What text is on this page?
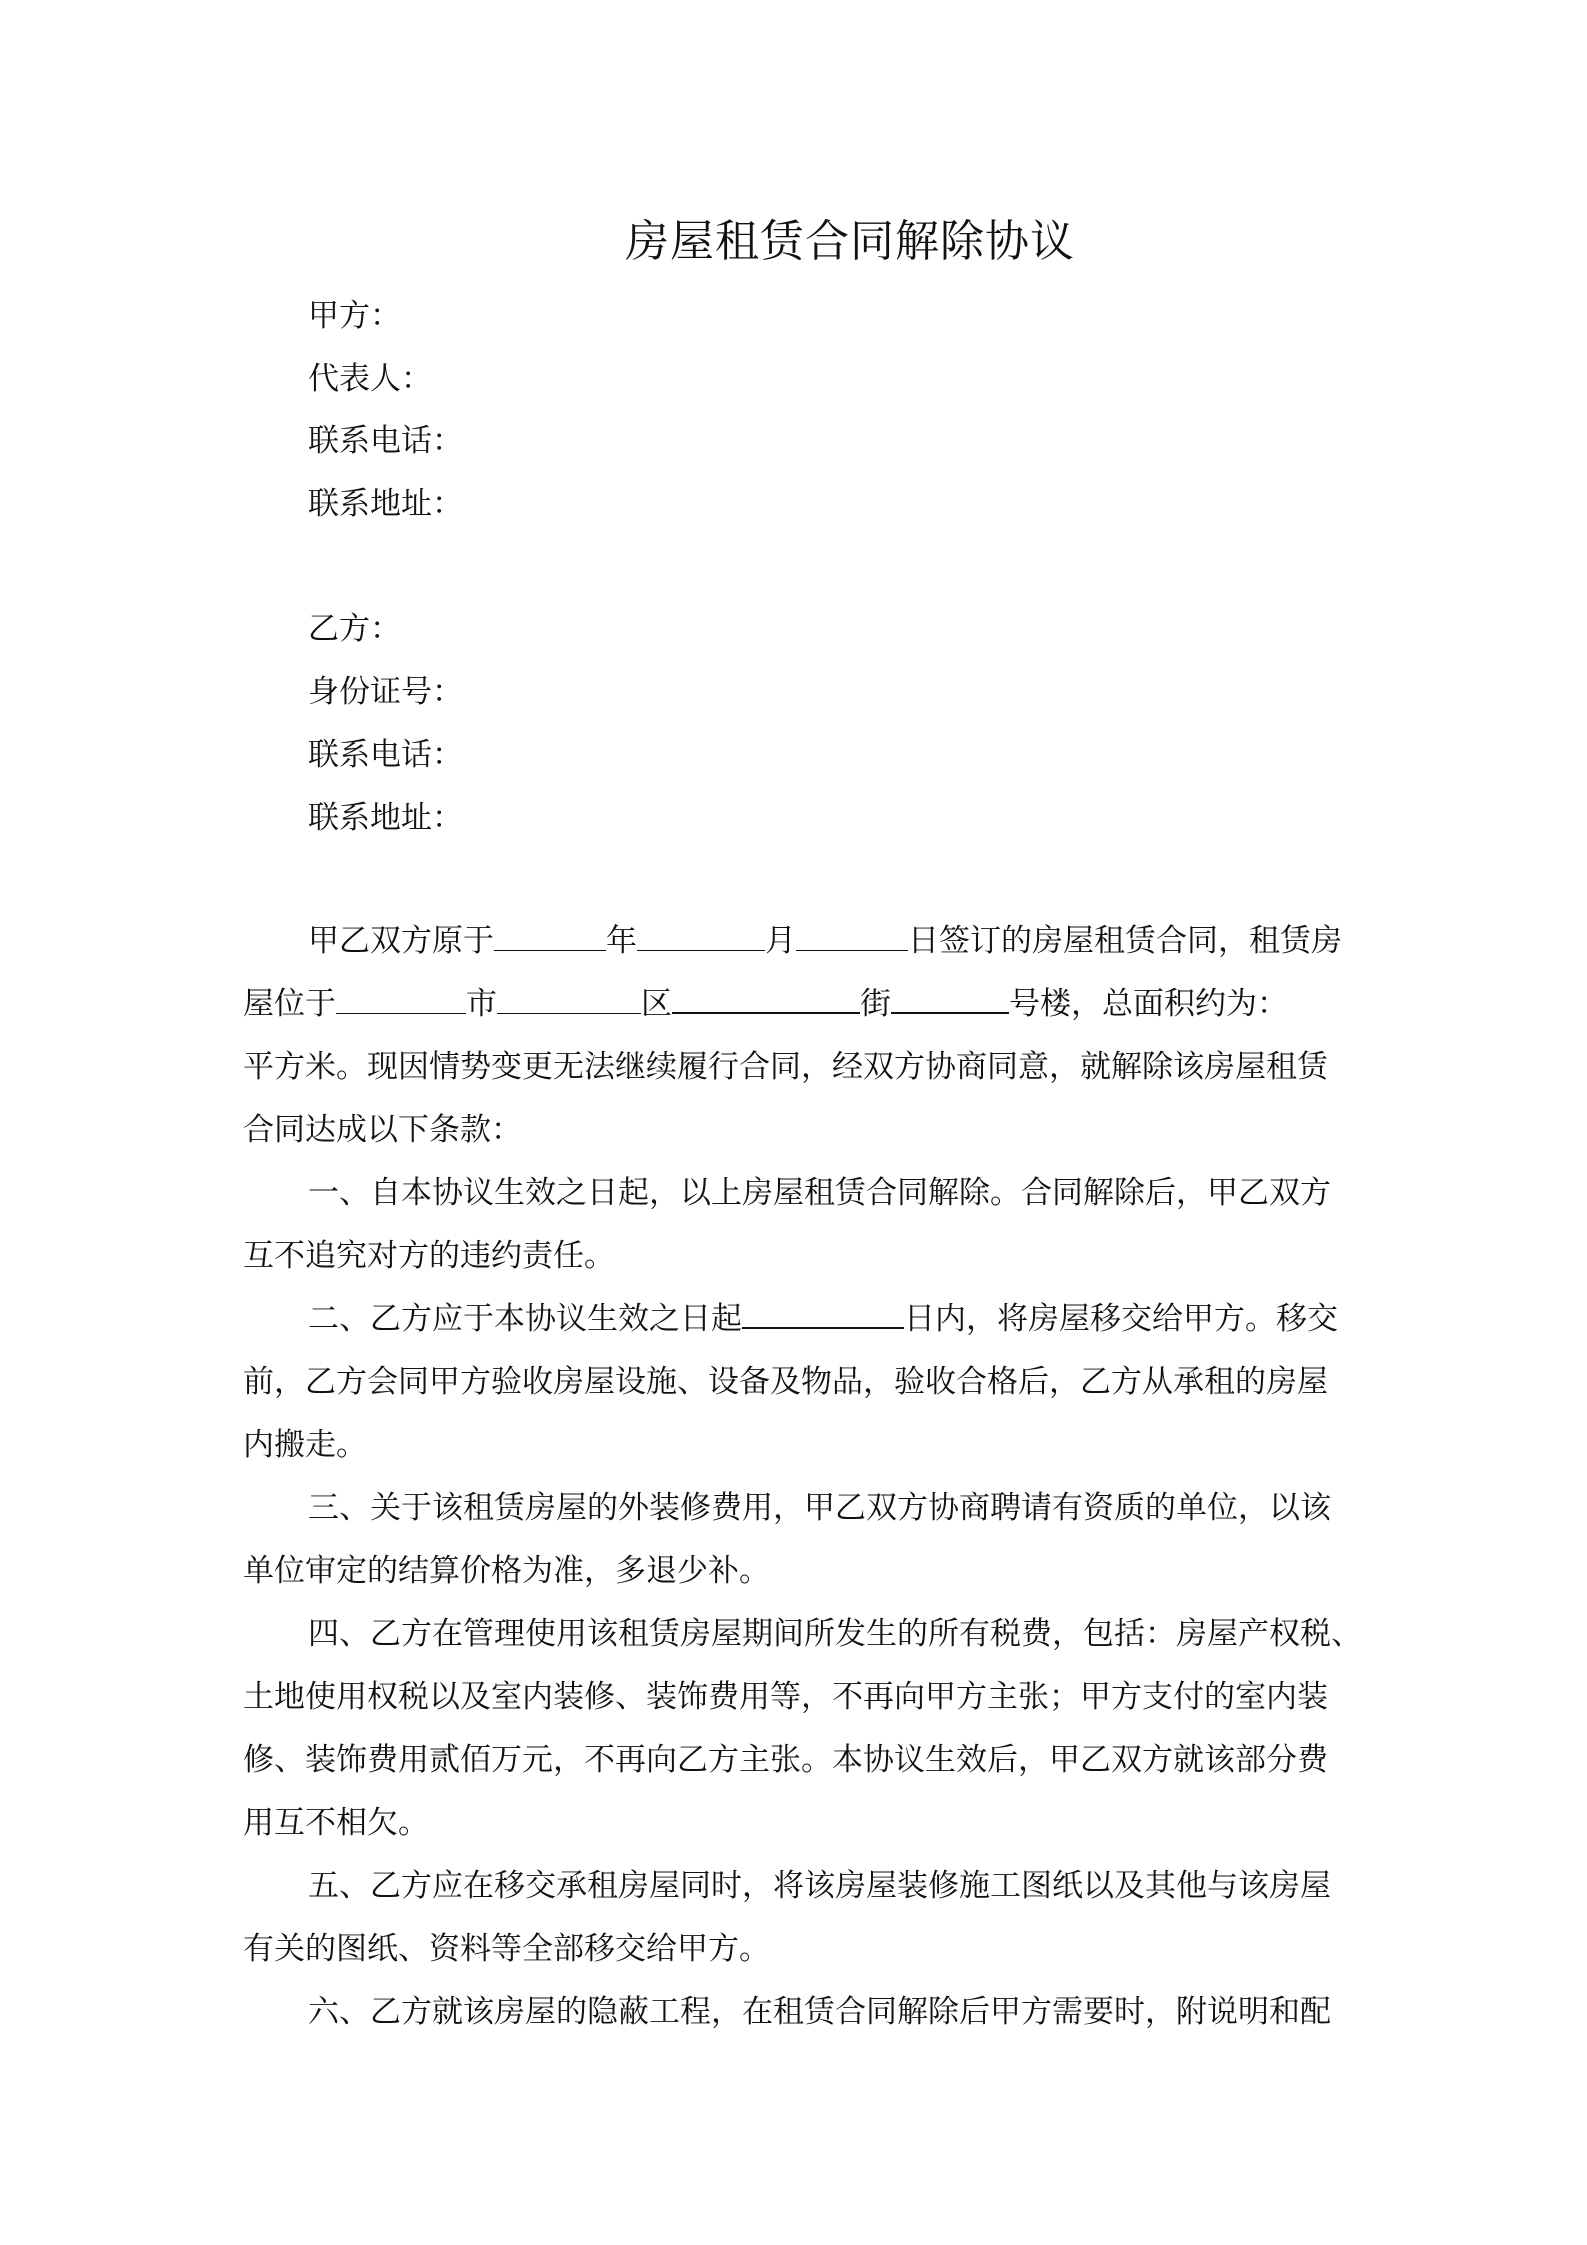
房屋租赁合同解除协议
甲方：
代表人：
联系电话：
联系地址：
乙方：
身份证号：
联系电话：
联系地址：
甲乙双方原于	年	月	日签订的房屋租赁合同，租赁房
屋位于	市	区	街	号楼，总面积约为：
平方米。现因情势变更无法继续履行合同，经双方协商同意，就解除该房屋租赁
合同达成以下条款：
一、自本协议生效之日起，以上房屋租赁合同解除。合同解除后，甲乙双方
互不追究对方的违约责任。
二、乙方应于本协议生效之日起	日内，将房屋移交给甲方。移交
前，乙方会同甲方验收房屋设施、设备及物品，验收合格后，乙方从承租的房屋
内搬走。
三、关于该租赁房屋的外装修费用，甲乙双方协商聘请有资质的单位，以该
单位审定的结算价格为准，多退少补。
四、乙方在管理使用该租赁房屋期间所发生的所有税费，包括：房屋产权税、
土地使用权税以及室内装修、装饰费用等，不再向甲方主张；甲方支付的室内装
修、装饰费用贰佰万元，不再向乙方主张。本协议生效后，甲乙双方就该部分费
用互不相欠。
五、乙方应在移交承租房屋同时，将该房屋装修施工图纸以及其他与该房屋
有关的图纸、资料等全部移交给甲方。
六、乙方就该房屋的隐蔽工程，在租赁合同解除后甲方需要时，附说明和配
